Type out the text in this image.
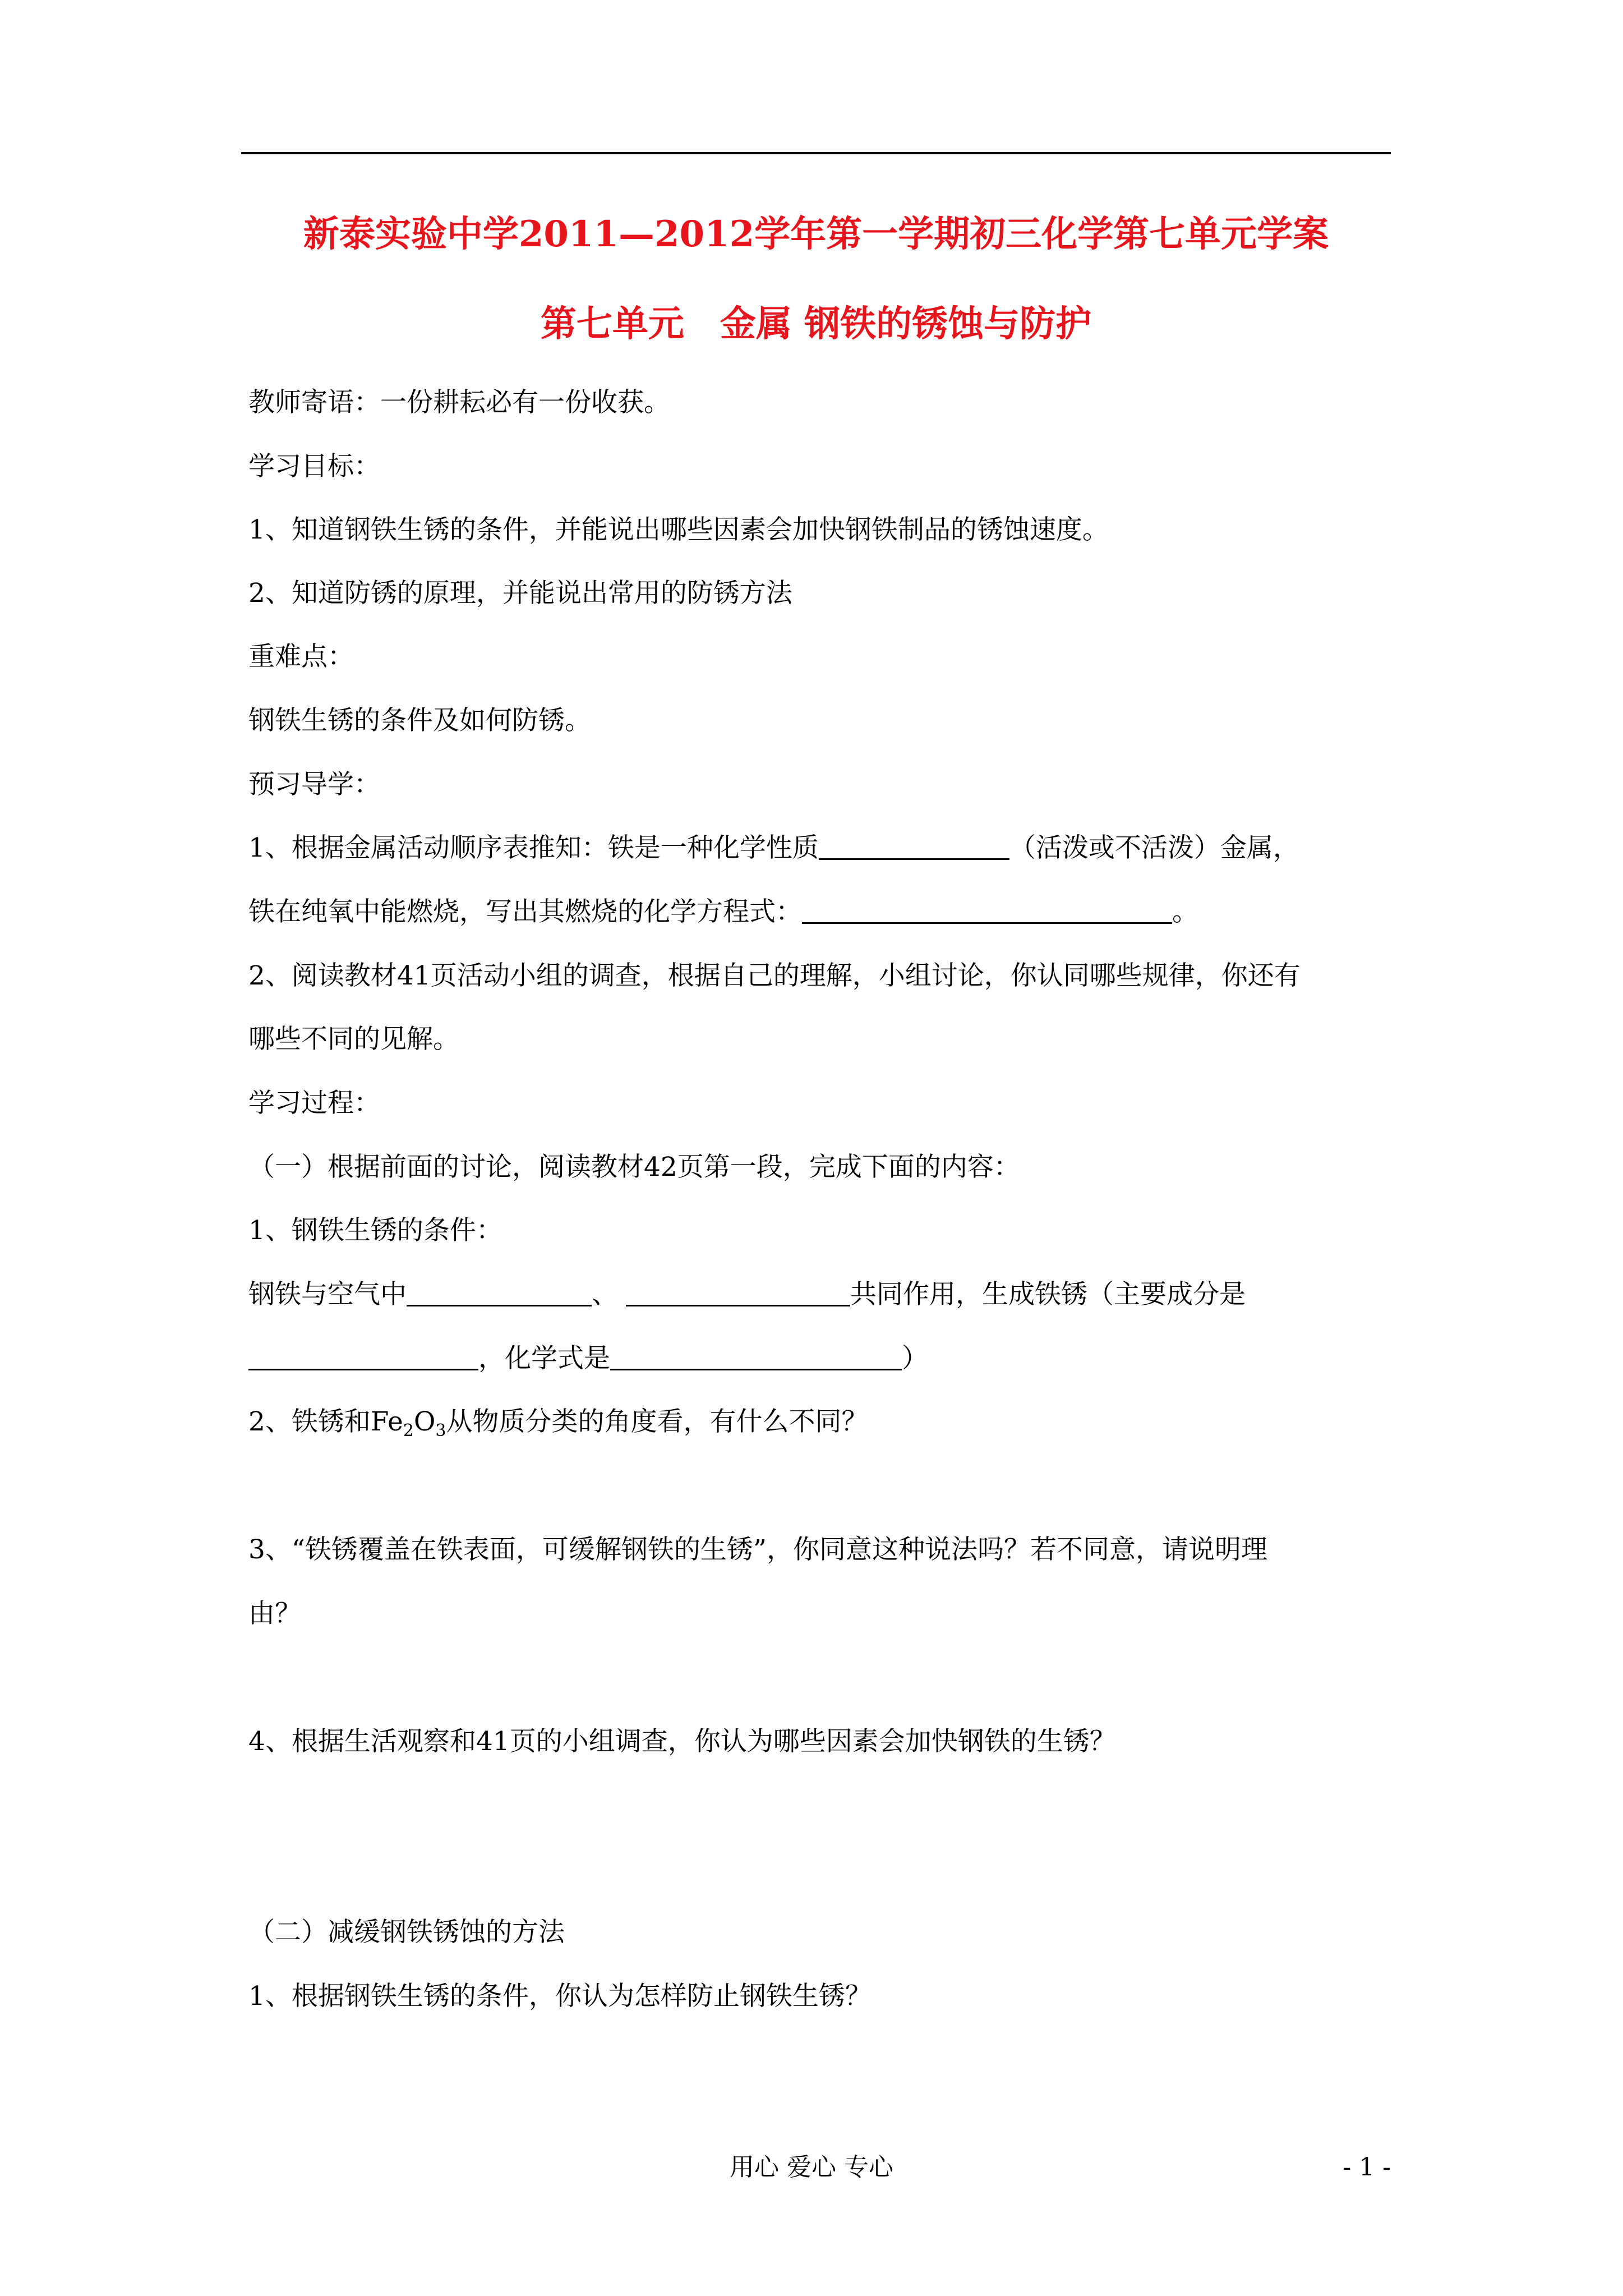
新泰实验中学2011—2012学年第一学期初三化学第七单元学案
第七单元　金属 钢铁的锈蚀与防护
教师寄语：一份耕耘必有一份收获。
学习目标：
1、知道钢铁生锈的条件，并能说出哪些因素会加快钢铁制品的锈蚀速度。
2、知道防锈的原理，并能说出常用的防锈方法
重难点：
钢铁生锈的条件及如何防锈。
预习导学：
1、根据金属活动顺序表推知：铁是一种化学性质	（活泼或不活泼）金属，
铁在纯氧中能燃烧，写出其燃烧的化学方程式：	。
2、阅读教材41页活动小组的调查，根据自己的理解，小组讨论，你认同哪些规律，你还有
哪些不同的见解。
学习过程：
（一）根据前面的讨论，阅读教材42页第一段，完成下面的内容：
1、钢铁生锈的条件：
钢铁与空气中	、	共同作用，生成铁锈（主要成分是
，化学式是	）
2、铁锈和$Fe_2O_3$从物质分类的角度看，有什么不同？
3、“铁锈覆盖在铁表面，可缓解钢铁的生锈”，你同意这种说法吗？若不同意，请说明理
由？
4、根据生活观察和41页的小组调查，你认为哪些因素会加快钢铁的生锈？
（二）减缓钢铁锈蚀的方法
1、根据钢铁生锈的条件，你认为怎样防止钢铁生锈？
用心 爱心 专心	- 1 -
